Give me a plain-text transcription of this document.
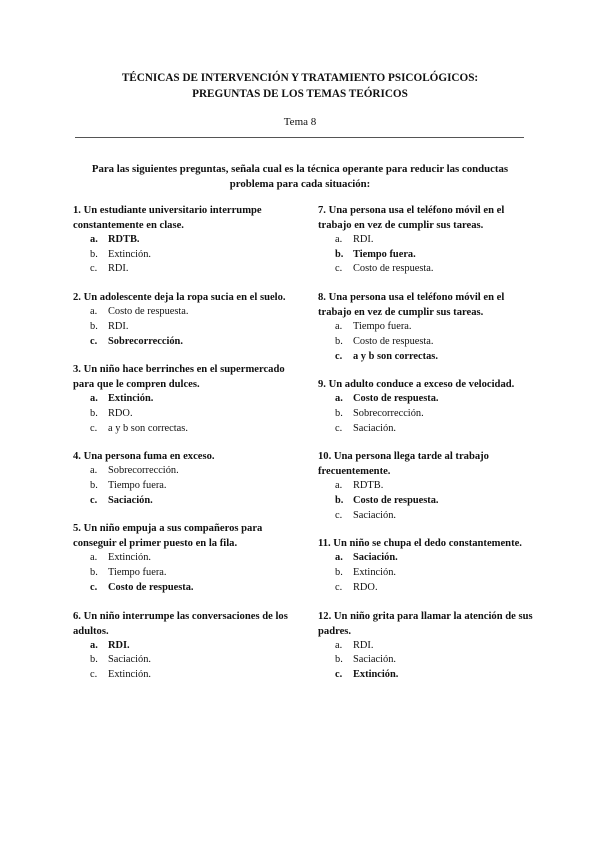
TÉCNICAS DE INTERVENCIÓN Y TRATAMIENTO PSICOLÓGICOS:
PREGUNTAS DE LOS TEMAS TEÓRICOS
Tema 8
Para las siguientes preguntas, señala cual es la técnica operante para reducir las conductas problema para cada situación:
1. Un estudiante universitario interrumpe constantemente en clase.
a. RDTB.
b. Extinción.
c.	RDI.
2. Un adolescente deja la ropa sucia en el suelo.
a.	Costo de respuesta.
b. RDI.
c.	Sobrecorrección.
3. Un niño hace berrinches en el supermercado para que le compren dulces.
a. Extinción.
b. RDO.
c.	a y b son correctas.
4. Una persona fuma en exceso.
a.	Sobrecorrección.
b. Tiempo fuera.
c.	Saciación.
5. Un niño empuja a sus compañeros para conseguir el primer puesto en la fila.
a.	Extinción.
b. Tiempo fuera.
c.	Costo de respuesta.
6. Un niño interrumpe las conversaciones de los adultos.
a. RDI.
b. Saciación.
c.	Extinción.
7. Una persona usa el teléfono móvil en el trabajo en vez de cumplir sus tareas.
a.	RDI.
b. Tiempo fuera.
c.	Costo de respuesta.
8. Una persona usa el teléfono móvil en el trabajo en vez de cumplir sus tareas.
a.	Tiempo fuera.
b. Costo de respuesta.
c.	a y b son correctas.
9. Un adulto conduce a exceso de velocidad.
a. Costo de respuesta.
b. Sobrecorrección.
c.	Saciación.
10. Una persona llega tarde al trabajo frecuentemente.
a.	RDTB.
b. Costo de respuesta.
c.	Saciación.
11. Un niño se chupa el dedo constantemente.
a. Saciación.
b. Extinción.
c.	RDO.
12. Un niño grita para llamar la atención de sus padres.
a.	RDI.
b. Saciación.
c.	Extinción.
